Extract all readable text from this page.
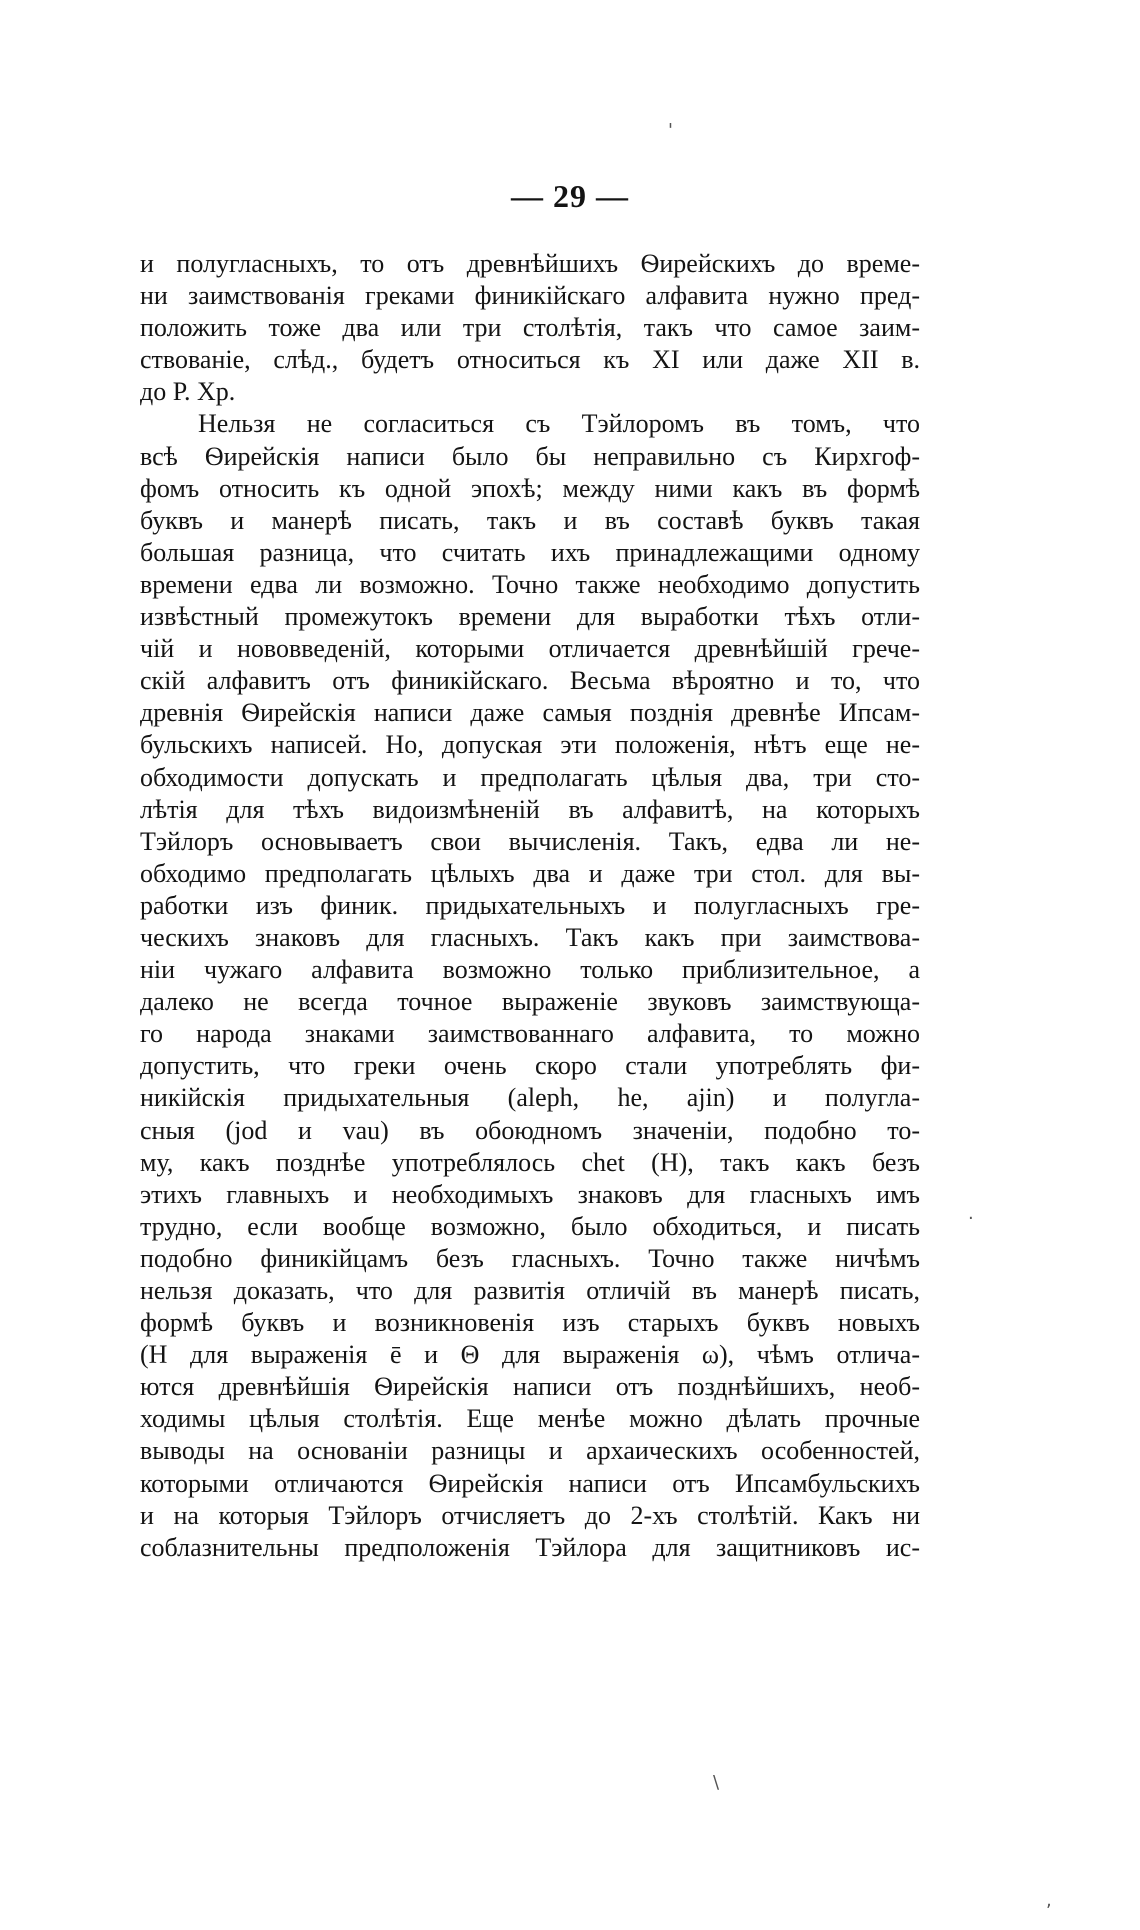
— 29 —
и полугласныхъ, то отъ древнѣйшихъ Ѳирейскихъ до време-
ни заимствованія греками финикійскаго алфавита нужно пред-
положить тоже два или три столѣтія, такъ что самое заим-
ствованіе, слѣд., будетъ относиться къ XI или даже XII в.
до Р. Хр.
Нельзя не согласиться съ Тэйлоромъ въ томъ, что
всѣ Ѳирейскія написи было бы неправильно съ Кирхгоф-
фомъ относить къ одной эпохѣ; между ними какъ въ формѣ
буквъ и манерѣ писать, такъ и въ составѣ буквъ такая
большая разница, что считать ихъ принадлежащими одному
времени едва ли возможно. Точно также необходимо допустить
извѣстный промежутокъ времени для выработки тѣхъ отли-
чій и нововведеній, которыми отличается древнѣйшій грече-
скій алфавитъ отъ финикійскаго. Весьма вѣроятно и то, что
древнія Ѳирейскія написи даже самыя позднія древнѣе Ипсам-
бульскихъ написей. Но, допуская эти положенія, нѣтъ еще не-
обходимости допускать и предполагать цѣлыя два, три сто-
лѣтія для тѣхъ видоизмѣненій въ алфавитѣ, на которыхъ
Тэйлоръ основываетъ свои вычисленія. Такъ, едва ли не-
обходимо предполагать цѣлыхъ два и даже три стол. для вы-
работки изъ финик. придыхательныхъ и полугласныхъ гре-
ческихъ знаковъ для гласныхъ. Такъ какъ при заимствова-
ніи чужаго алфавита возможно только приблизительное, а
далеко не всегда точное выраженіе звуковъ заимствующа-
го народа знаками заимствованнаго алфавита, то можно
допустить, что греки очень скоро стали употреблять фи-
никійскія придыхательныя (aleph, he, ajin) и полугла-
сныя (jod и vau) въ обоюдномъ значеніи, подобно то-
му, какъ позднѣе употреблялось chet (Η), такъ какъ безъ
этихъ главныхъ и необходимыхъ знаковъ для гласныхъ имъ
трудно, если вообще возможно, было обходиться, и писать
подобно финикійцамъ безъ гласныхъ. Точно также ничѣмъ
нельзя доказать, что для развитія отличій въ манерѣ писать,
формѣ буквъ и возникновенія изъ старыхъ буквъ новыхъ
(Η для выраженія ē и Θ для выраженія ω), чѣмъ отлича-
ются древнѣйшія Ѳирейскія написи отъ позднѣйшихъ, необ-
ходимы цѣлыя столѣтія. Еще менѣе можно дѣлать прочные
выводы на основаніи разницы и архаическихъ особенностей,
которыми отличаются Ѳирейскія написи отъ Ипсамбульскихъ
и на которыя Тэйлоръ отчисляетъ до 2-хъ столѣтій. Какъ ни
соблазнительны предположенія Тэйлора для защитниковъ ис-
'
·
\
,
